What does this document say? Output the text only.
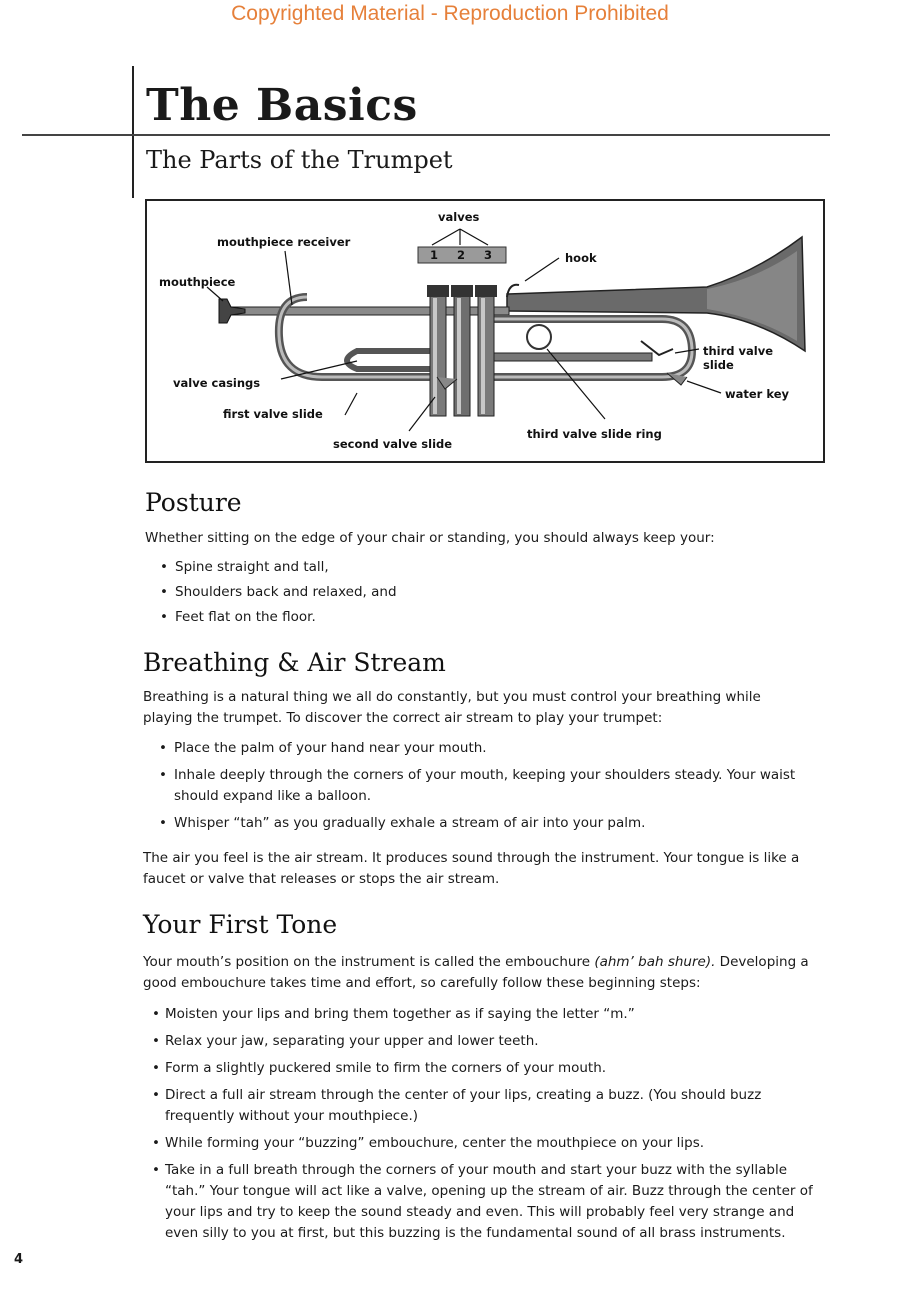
Copyrighted Material - Reproduction Prohibited
The Basics
The Parts of the Trumpet
valves
1 2 3
mouthpiece receiver
hook
mouthpiece
third valve slide
valve casings
water key
first valve slide
third valve slide ring
second valve slide
Posture

Whether sitting on the edge of your chair or standing, you should always keep your:

• Spine straight and tall,
• Shoulders back and relaxed, and
• Feet flat on the floor.
Breathing & Air Stream

Breathing is a natural thing we all do constantly, but you must control your breathing while playing the trumpet. To discover the correct air stream to play your trumpet:

• Place the palm of your hand near your mouth.
• Inhale deeply through the corners of your mouth, keeping your shoulders steady. Your waist should expand like a balloon.
• Whisper “tah” as you gradually exhale a stream of air into your palm.

The air you feel is the air stream. It produces sound through the instrument. Your tongue is like a faucet or valve that releases or stops the air stream.

Your First Tone

Your mouth’s position on the instrument is called the embouchure (ahm’ bah shure). Developing a good embouchure takes time and effort, so carefully follow these beginning steps:

• Moisten your lips and bring them together as if saying the letter “m.”
• Relax your jaw, separating your upper and lower teeth.
• Form a slightly puckered smile to firm the corners of your mouth.
• Direct a full air stream through the center of your lips, creating a buzz. (You should buzz frequently without your mouthpiece.)
• While forming your “buzzing” embouchure, center the mouthpiece on your lips.
• Take in a full breath through the corners of your mouth and start your buzz with the syllable “tah.” Your tongue will act like a valve, opening up the stream of air. Buzz through the center of your lips and try to keep the sound steady and even. This will probably feel very strange and even silly to you at first, but this buzzing is the fundamental sound of all brass instruments.
4
